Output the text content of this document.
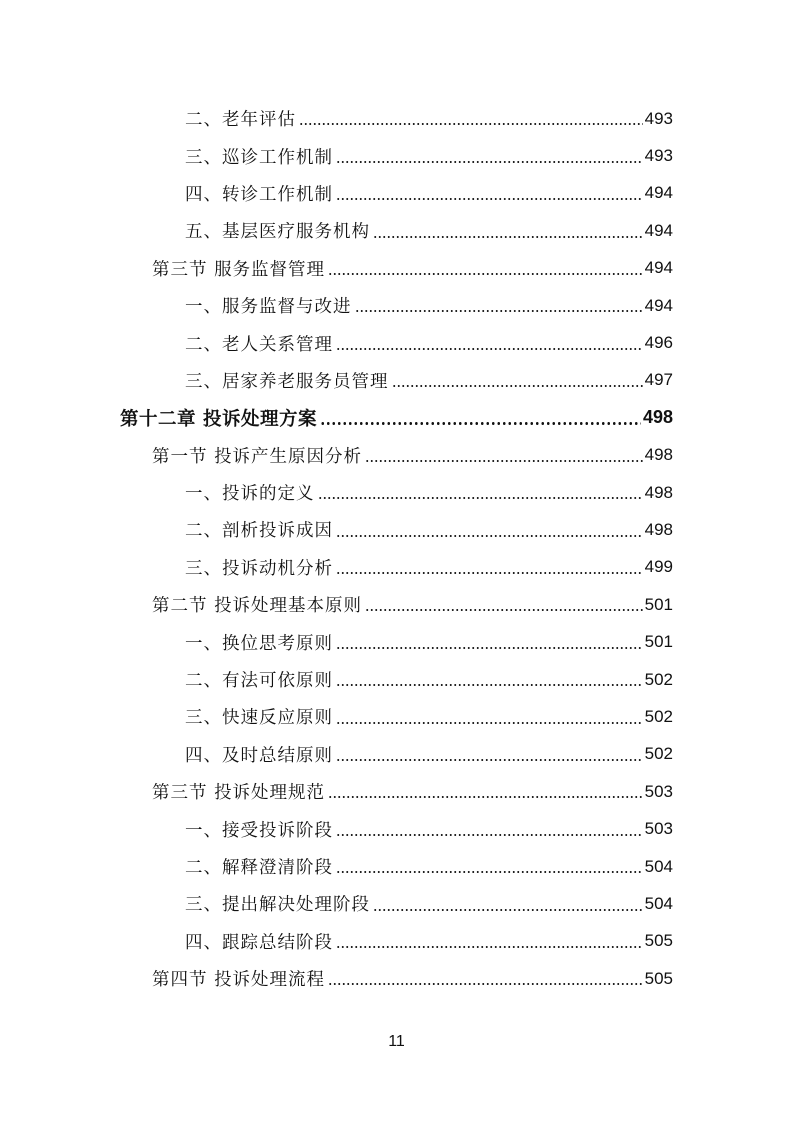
二、老年评估	493
三、巡诊工作机制	493
四、转诊工作机制	494
五、基层医疗服务机构	494
第三节 服务监督管理	494
一、服务监督与改进	494
二、老人关系管理	496
三、居家养老服务员管理	497
第十二章 投诉处理方案	498
第一节 投诉产生原因分析	498
一、投诉的定义	498
二、剖析投诉成因	498
三、投诉动机分析	499
第二节 投诉处理基本原则	501
一、换位思考原则	501
二、有法可依原则	502
三、快速反应原则	502
四、及时总结原则	502
第三节 投诉处理规范	503
一、接受投诉阶段	503
二、解释澄清阶段	504
三、提出解决处理阶段	504
四、跟踪总结阶段	505
第四节 投诉处理流程	505
11
